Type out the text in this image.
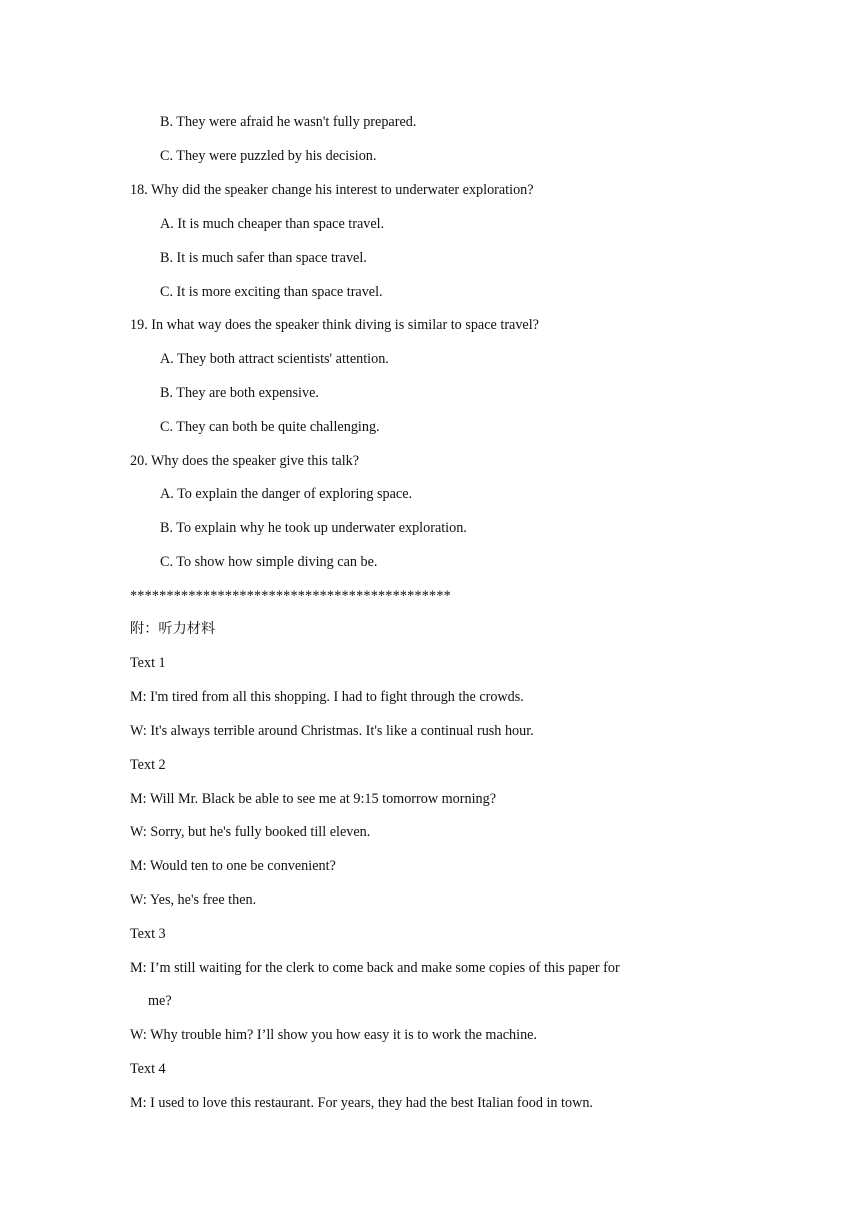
B. They were afraid he wasn't fully prepared.
C. They were puzzled by his decision.
18. Why did the speaker change his interest to underwater exploration?
A. It is much cheaper than space travel.
B. It is much safer than space travel.
C. It is more exciting than space travel.
19. In what way does the speaker think diving is similar to space travel?
A. They both attract scientists' attention.
B. They are both expensive.
C. They can both be quite challenging.
20. Why does the speaker give this talk?
A. To explain the danger of exploring space.
B. To explain why he took up underwater exploration.
C. To show how simple diving can be.
********************************************
附：听力材料
Text 1
M: I'm tired from all this shopping. I had to fight through the crowds.
W: It's always terrible around Christmas. It's like a continual rush hour.
Text 2
M: Will Mr. Black be able to see me at 9:15 tomorrow morning?
W: Sorry, but he's fully booked till eleven.
M: Would ten to one be convenient?
W: Yes, he's free then.
Text 3
M: I’m still waiting for the clerk to come back and make some copies of this paper for
me?
W: Why trouble him? I’ll show you how easy it is to work the machine.
Text 4
M: I used to love this restaurant. For years, they had the best Italian food in town.
